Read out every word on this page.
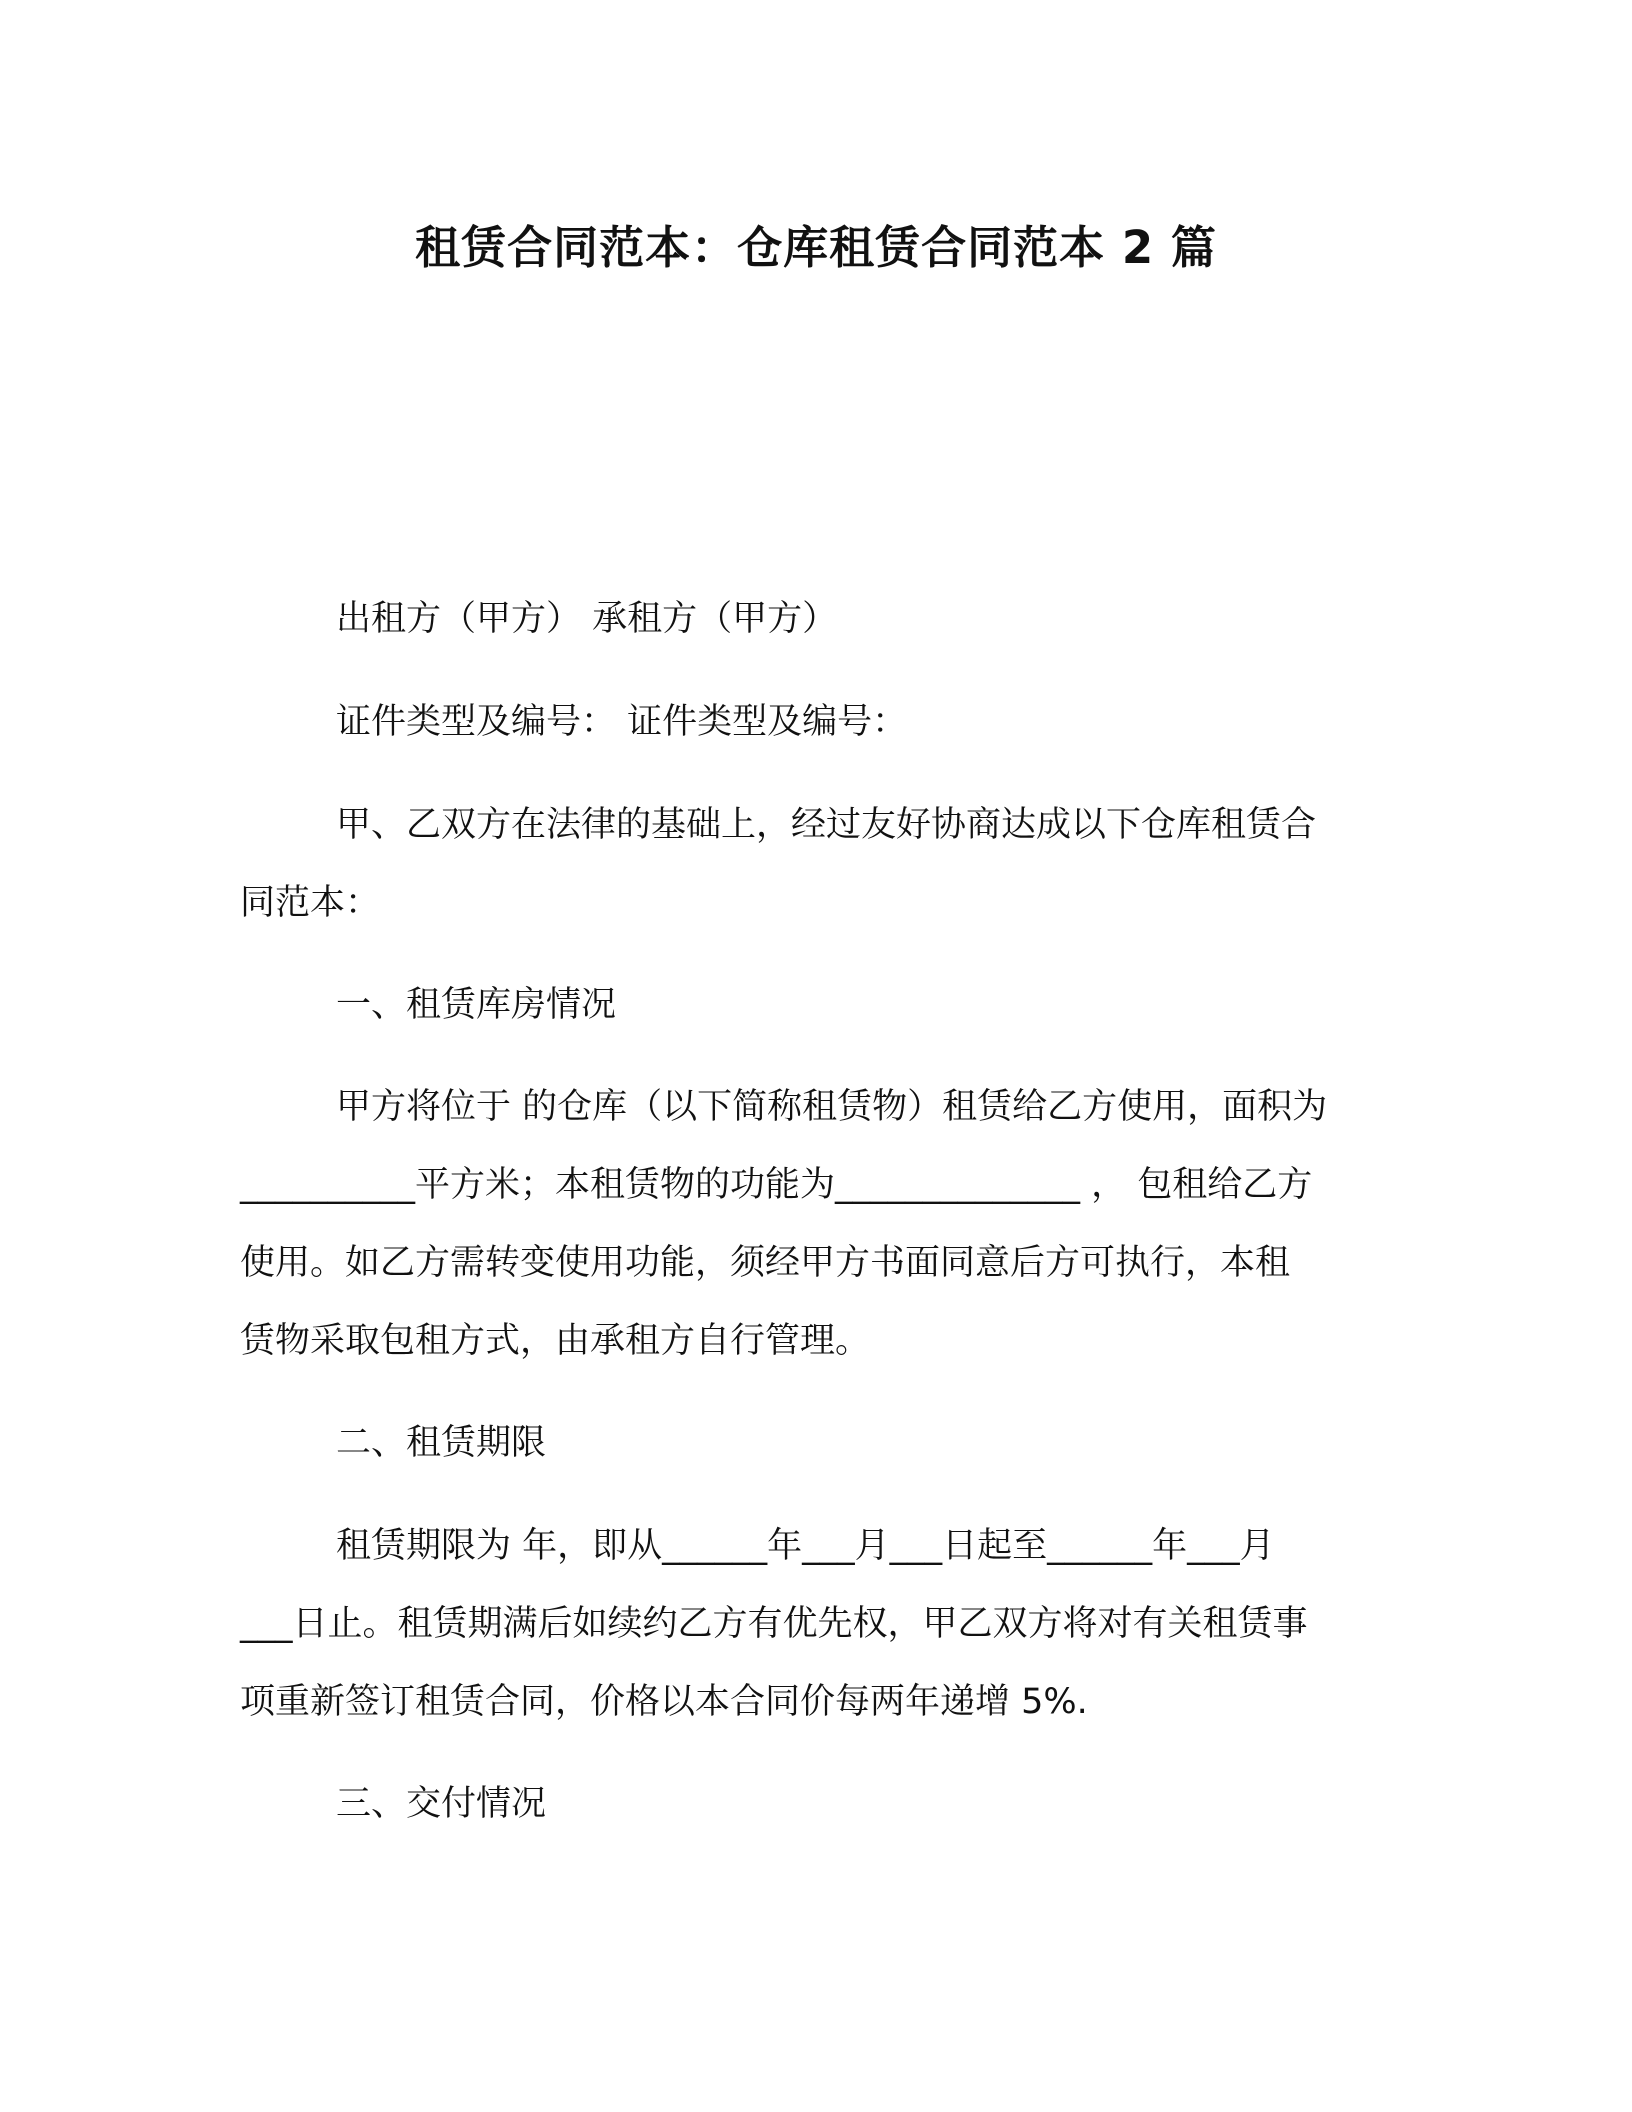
租赁合同范本：仓库租赁合同范本 2 篇
出租方（甲方） 承租方（甲方）
证件类型及编号： 证件类型及编号：
甲、乙双方在法律的基础上，经过友好协商达成以下仓库租赁合
同范本：
一、租赁库房情况
甲方将位于 的仓库（以下简称租赁物）租赁给乙方使用，面积为
__________平方米；本租赁物的功能为______________ ， 包租给乙方
使用。如乙方需转变使用功能，须经甲方书面同意后方可执行，本租
赁物采取包租方式，由承租方自行管理。
二、租赁期限
租赁期限为 年，即从______年___月___日起至______年___月
___日止。租赁期满后如续约乙方有优先权，甲乙双方将对有关租赁事
项重新签订租赁合同，价格以本合同价每两年递增 5%.
三、交付情况
